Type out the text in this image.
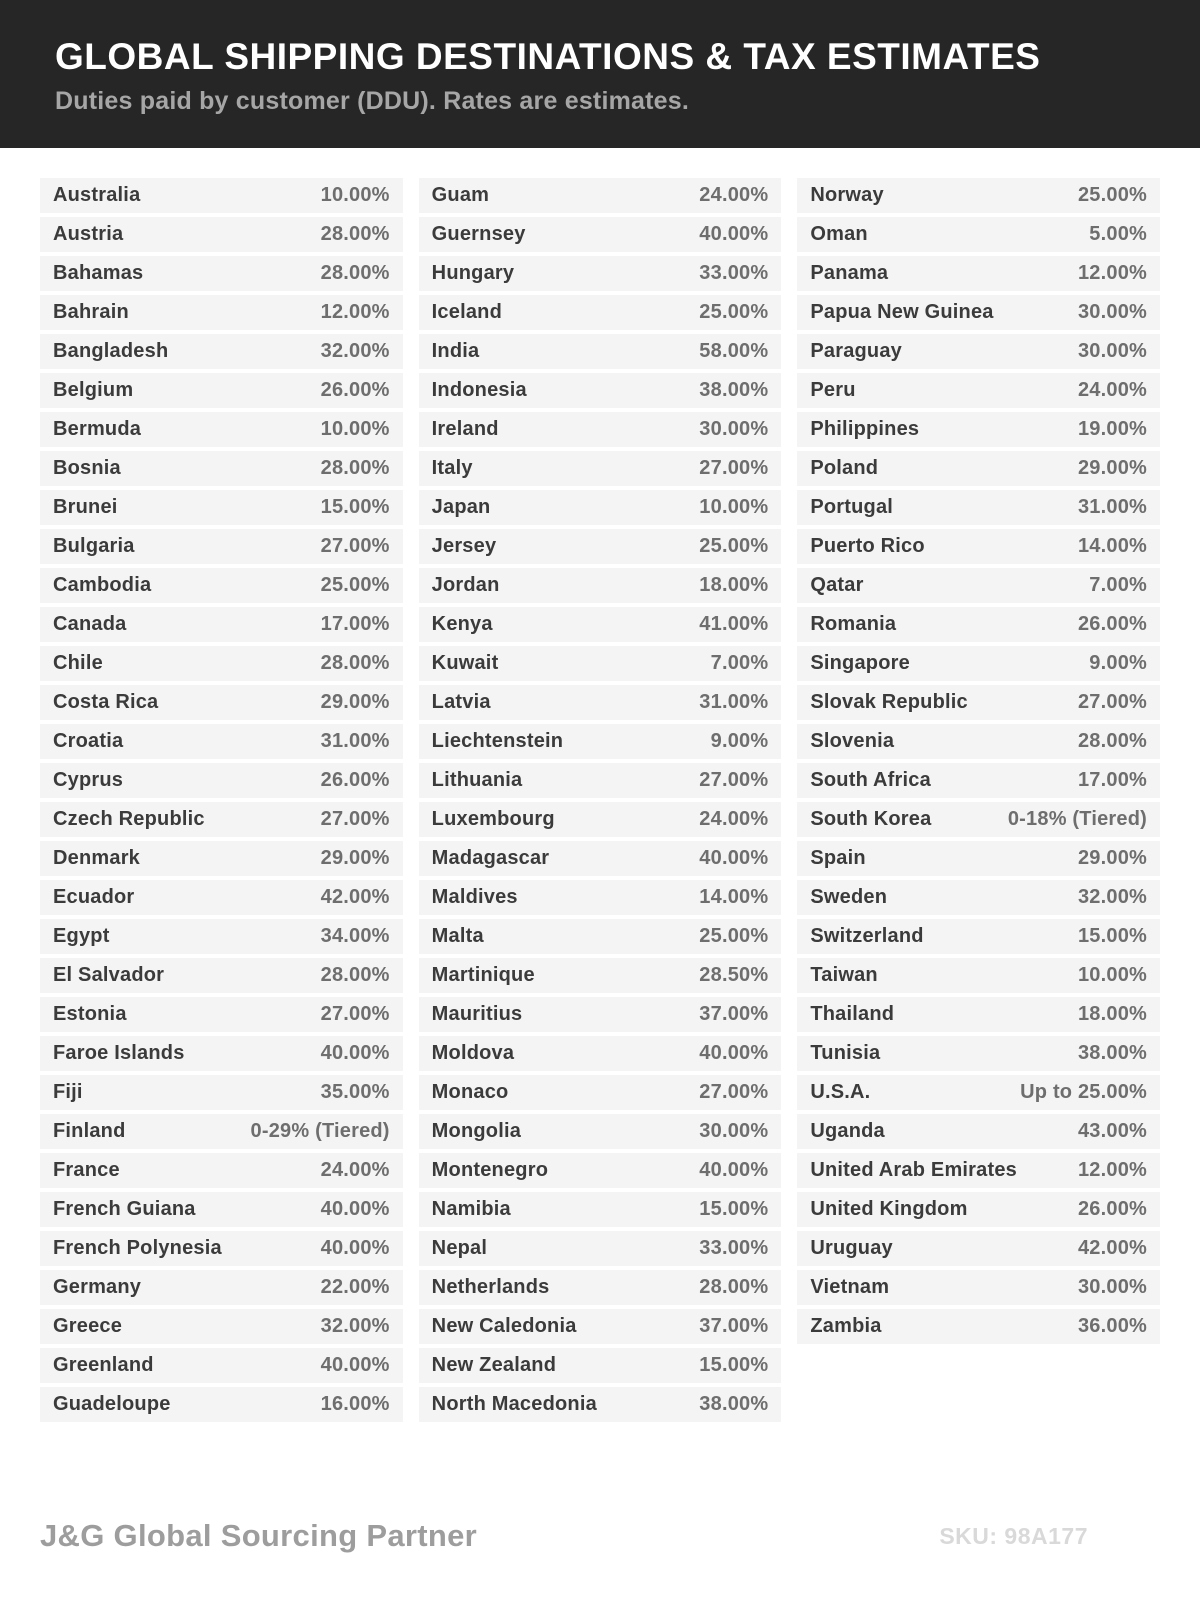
GLOBAL SHIPPING DESTINATIONS & TAX ESTIMATES
Duties paid by customer (DDU). Rates are estimates.
Australia	10.00%
Austria	28.00%
Bahamas	28.00%
Bahrain	12.00%
Bangladesh	32.00%
Belgium	26.00%
Bermuda	10.00%
Bosnia	28.00%
Brunei	15.00%
Bulgaria	27.00%
Cambodia	25.00%
Canada	17.00%
Chile	28.00%
Costa Rica	29.00%
Croatia	31.00%
Cyprus	26.00%
Czech Republic	27.00%
Denmark	29.00%
Ecuador	42.00%
Egypt	34.00%
El Salvador	28.00%
Estonia	27.00%
Faroe Islands	40.00%
Fiji	35.00%
Finland	0-29% (Tiered)
France	24.00%
French Guiana	40.00%
French Polynesia	40.00%
Germany	22.00%
Greece	32.00%
Greenland	40.00%
Guadeloupe	16.00%
Guam	24.00%
Guernsey	40.00%
Hungary	33.00%
Iceland	25.00%
India	58.00%
Indonesia	38.00%
Ireland	30.00%
Italy	27.00%
Japan	10.00%
Jersey	25.00%
Jordan	18.00%
Kenya	41.00%
Kuwait	7.00%
Latvia	31.00%
Liechtenstein	9.00%
Lithuania	27.00%
Luxembourg	24.00%
Madagascar	40.00%
Maldives	14.00%
Malta	25.00%
Martinique	28.50%
Mauritius	37.00%
Moldova	40.00%
Monaco	27.00%
Mongolia	30.00%
Montenegro	40.00%
Namibia	15.00%
Nepal	33.00%
Netherlands	28.00%
New Caledonia	37.00%
New Zealand	15.00%
North Macedonia	38.00%
Norway	25.00%
Oman	5.00%
Panama	12.00%
Papua New Guinea	30.00%
Paraguay	30.00%
Peru	24.00%
Philippines	19.00%
Poland	29.00%
Portugal	31.00%
Puerto Rico	14.00%
Qatar	7.00%
Romania	26.00%
Singapore	9.00%
Slovak Republic	27.00%
Slovenia	28.00%
South Africa	17.00%
South Korea	0-18% (Tiered)
Spain	29.00%
Sweden	32.00%
Switzerland	15.00%
Taiwan	10.00%
Thailand	18.00%
Tunisia	38.00%
U.S.A.	Up to 25.00%
Uganda	43.00%
United Arab Emirates	12.00%
United Kingdom	26.00%
Uruguay	42.00%
Vietnam	30.00%
Zambia	36.00%
J&G Global Sourcing Partner	SKU: 98A177
